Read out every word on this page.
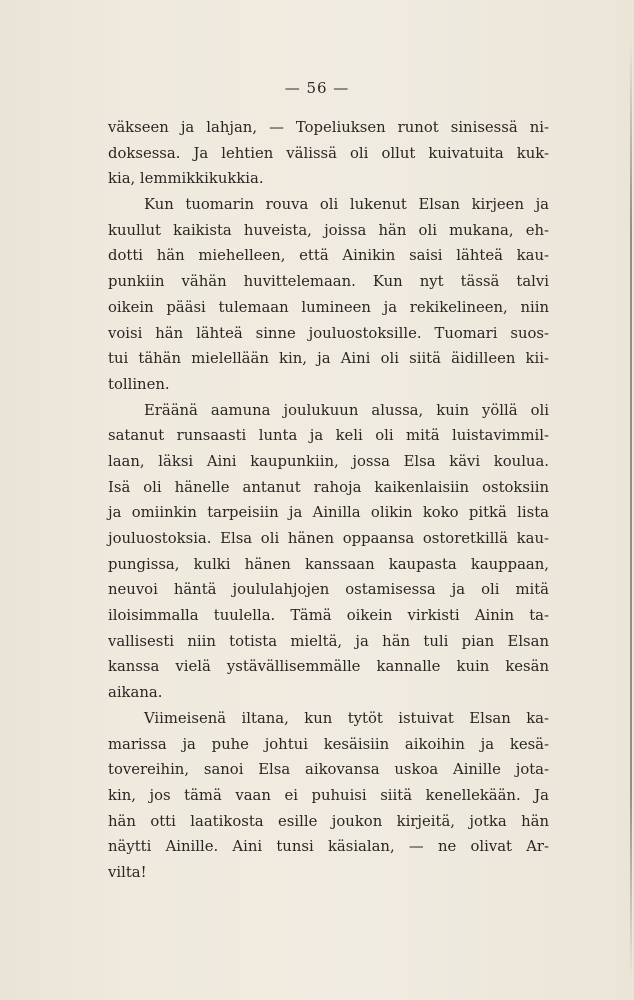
— 56 —
väkseen ja lahjan, — Topeliuksen runot sinisessä ni-
doksessa. Ja lehtien välissä oli ollut kuivatuita kuk-
kia, lemmikkikukkia.
Kun tuomarin rouva oli lukenut Elsan kirjeen ja
kuullut kaikista huveista, joissa hän oli mukana, eh-
dotti hän miehelleen, että Ainikin saisi lähteä kau-
punkiin vähän huvittelemaan. Kun nyt tässä talvi
oikein pääsi tulemaan lumineen ja rekikelineen, niin
voisi hän lähteä sinne jouluostoksille. Tuomari suos-
tui tähän mielellään kin, ja Aini oli siitä äidilleen kii-
tollinen.
Eräänä aamuna joulukuun alussa, kuin yöllä oli
satanut runsaasti lunta ja keli oli mitä luistavimmil-
laan, läksi Aini kaupunkiin, jossa Elsa kävi koulua.
Isä oli hänelle antanut rahoja kaikenlaisiin ostoksiin
ja omiinkin tarpeisiin ja Ainilla olikin koko pitkä lista
jouluostoksia. Elsa oli hänen oppaansa ostoretkillä kau-
pungissa, kulki hänen kanssaan kaupasta kauppaan,
neuvoi häntä joululahjojen ostamisessa ja oli mitä
iloisimmalla tuulella. Tämä oikein virkisti Ainin ta-
vallisesti niin totista mieltä, ja hän tuli pian Elsan
kanssa vielä ystävällisemmälle kannalle kuin kesän
aikana.
Viimeisenä iltana, kun tytöt istuivat Elsan ka-
marissa ja puhe johtui kesäisiin aikoihin ja kesä-
tovereihin, sanoi Elsa aikovansa uskoa Ainille jota-
kin, jos tämä vaan ei puhuisi siitä kenellekään. Ja
hän otti laatikosta esille joukon kirjeitä, jotka hän
näytti Ainille. Aini tunsi käsialan, — ne olivat Ar-
vilta!
